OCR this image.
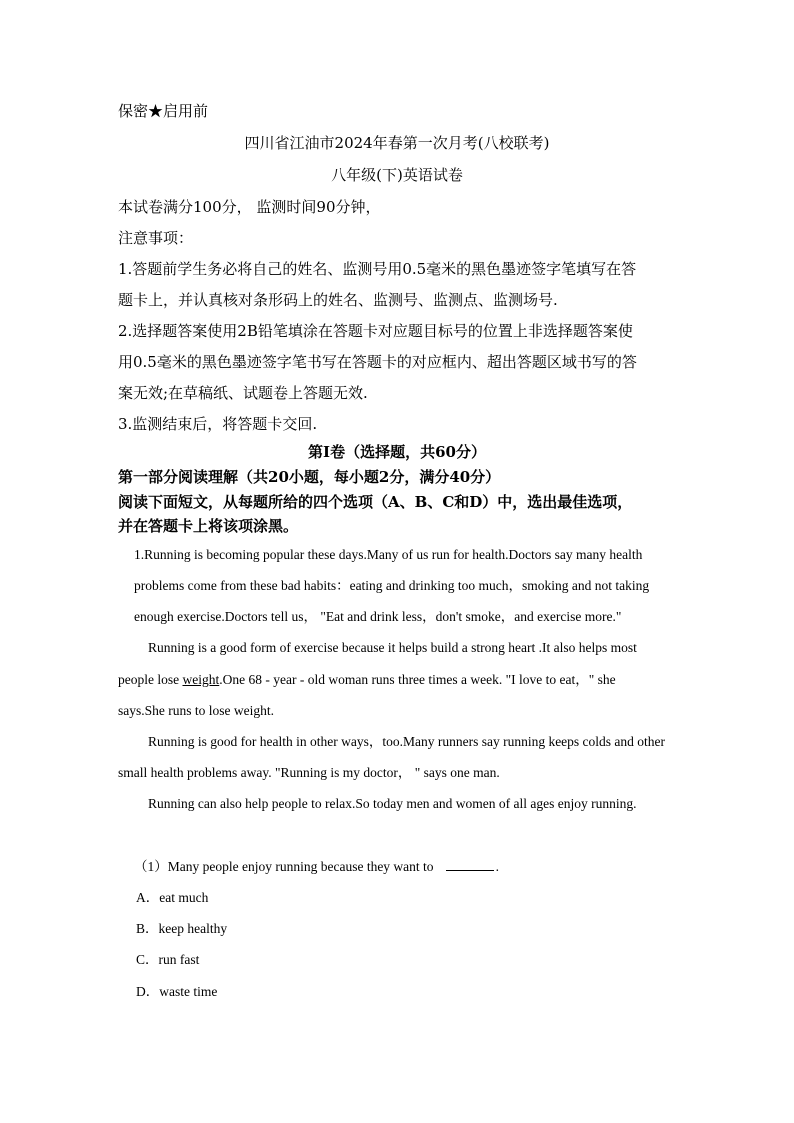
保密★启用前
四川省江油市2024年春第一次月考(八校联考)
八年级(下)英语试卷
本试卷满分100分， 监测时间90分钟，
注意事项：
1.答题前学生务必将自己的姓名、监测号用0.5毫米的黑色墨迹签字笔填写在答
题卡上，并认真核对条形码上的姓名、监测号、监测点、监测场号.
2.选择题答案使用2B铅笔填涂在答题卡对应题目标号的位置上非选择题答案使
用0.5毫米的黑色墨迹签字笔书写在答题卡的对应框内、超出答题区域书写的答
案无效;在草稿纸、试题卷上答题无效.
3.监测结束后，将答题卡交回.
第I卷（选择题，共60分）
第一部分阅读理解（共20小题，每小题2分，满分40分）
阅读下面短文，从每题所给的四个选项（A、B、C和D）中，选出最佳选项，
并在答题卡上将该项涂黑。
1.Running is becoming popular these days.Many of us run for health.Doctors say many health
problems come from these bad habits：eating and drinking too much，smoking and not taking
enough exercise.Doctors tell us， "Eat and drink less，don't smoke，and exercise more."
Running is a good form of exercise because it helps build a strong heart .It also helps most
people lose weight.One 68 - year - old woman runs three times a week. "I love to eat，" she
says.She runs to lose weight.
Running is good for health in other ways，too.Many runners say running keeps colds and other
small health problems away. "Running is my doctor， " says one man.
Running can also help people to relax.So today men and women of all ages enjoy running.
（1）Many people enjoy running because they want to	.
A．eat much
B．keep healthy
C．run fast
D．waste time
